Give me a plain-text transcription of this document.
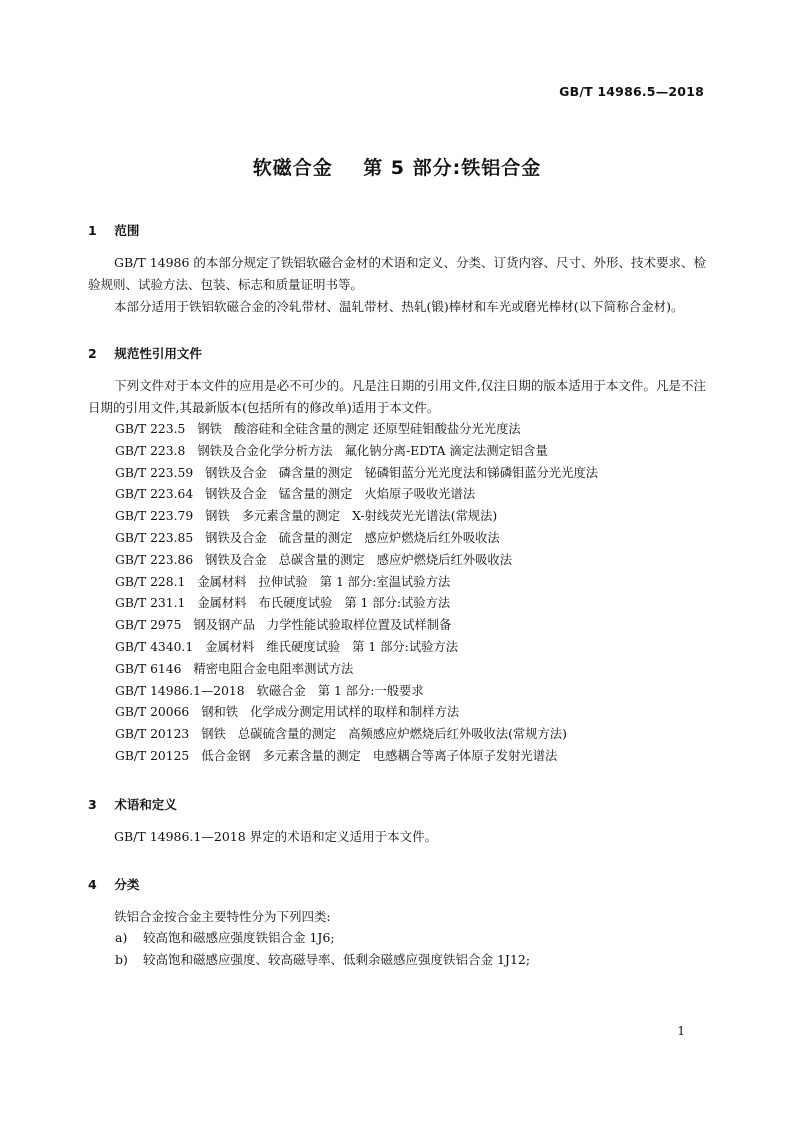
GB/T 14986.5—2018
软磁合金    第 5 部分:铁铝合金
1 范围

GB/T 14986 的本部分规定了铁铝软磁合金材的术语和定义、分类、订货内容、尺寸、外形、技术要求、检验规则、试验方法、包装、标志和质量证明书等。

本部分适用于铁铝软磁合金的冷轧带材、温轧带材、热轧(锻)棒材和车光或磨光棒材(以下简称合金材)。

2 规范性引用文件

下列文件对于本文件的应用是必不可少的。凡是注日期的引用文件,仅注日期的版本适用于本文件。凡是不注日期的引用文件,其最新版本(包括所有的修改单)适用于本文件。

GB/T 223.5 钢铁 酸溶硅和全硅含量的测定 还原型硅钼酸盐分光光度法
GB/T 223.8 钢铁及合金化学分析方法 氟化钠分离-EDTA 滴定法测定铝含量
GB/T 223.59 钢铁及合金 磷含量的测定 铋磷钼蓝分光光度法和锑磷钼蓝分光光度法
GB/T 223.64 钢铁及合金 锰含量的测定 火焰原子吸收光谱法
GB/T 223.79 钢铁 多元素含量的测定 X-射线荧光光谱法(常规法)
GB/T 223.85 钢铁及合金 硫含量的测定 感应炉燃烧后红外吸收法
GB/T 223.86 钢铁及合金 总碳含量的测定 感应炉燃烧后红外吸收法
GB/T 228.1 金属材料 拉伸试验 第 1 部分:室温试验方法
GB/T 231.1 金属材料 布氏硬度试验 第 1 部分:试验方法
GB/T 2975 钢及钢产品 力学性能试验取样位置及试样制备
GB/T 4340.1 金属材料 维氏硬度试验 第 1 部分:试验方法
GB/T 6146 精密电阻合金电阻率测试方法
GB/T 14986.1—2018 软磁合金 第 1 部分:一般要求
GB/T 20066 钢和铁 化学成分测定用试样的取样和制样方法
GB/T 20123 钢铁 总碳硫含量的测定 高频感应炉燃烧后红外吸收法(常规方法)
GB/T 20125 低合金钢 多元素含量的测定 电感耦合等离子体原子发射光谱法
3 术语和定义

GB/T 14986.1—2018 界定的术语和定义适用于本文件。

4 分类

铁铝合金按合金主要特性分为下列四类:

a) 较高饱和磁感应强度铁铝合金 1J6;
b) 较高饱和磁感应强度、较高磁导率、低剩余磁感应强度铁铝合金 1J12;
1
